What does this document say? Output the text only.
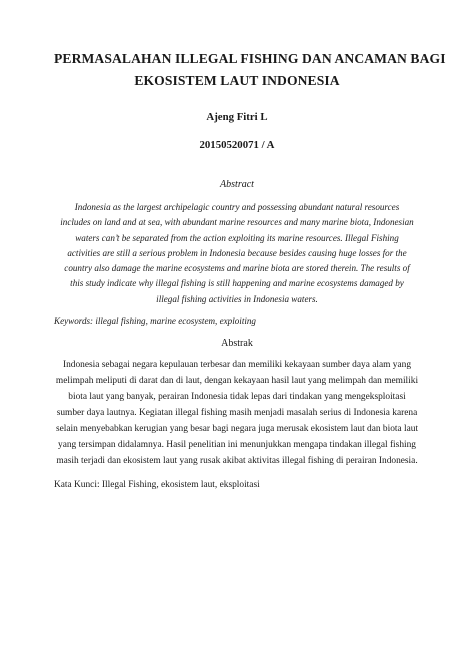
PERMASALAHAN ILLEGAL FISHING DAN ANCAMAN BAGI
EKOSISTEM LAUT INDONESIA
Ajeng Fitri L
20150520071 / A
Abstract
Indonesia as the largest archipelagic country and possessing abundant natural resources
includes on land and at sea, with abundant marine resources and many marine biota, Indonesian
waters can’t be separated from the action exploiting its marine resources. Illegal Fishing
activities are still a serious problem in Indonesia because besides causing huge losses for the
country also damage the marine ecosystems and marine biota are stored therein. The results of
this study indicate why illegal fishing is still happening and marine ecosystems damaged by
illegal fishing activities in Indonesia waters.
Keywords: illegal fishing, marine ecosystem, exploiting
Abstrak
Indonesia sebagai negara kepulauan terbesar dan memiliki kekayaan sumber daya alam yang
melimpah meliputi di darat dan di laut, dengan kekayaan hasil laut yang melimpah dan memiliki
biota laut yang banyak, perairan Indonesia tidak lepas dari tindakan yang mengeksploitasi
sumber daya lautnya. Kegiatan illegal fishing masih menjadi masalah serius di Indonesia karena
selain menyebabkan kerugian yang besar bagi negara juga merusak ekosistem laut dan biota laut
yang tersimpan didalamnya. Hasil penelitian ini menunjukkan mengapa tindakan illegal fishing
masih terjadi dan ekosistem laut yang rusak akibat aktivitas illegal fishing di perairan Indonesia.
Kata Kunci: Illegal Fishing, ekosistem laut, eksploitasi
